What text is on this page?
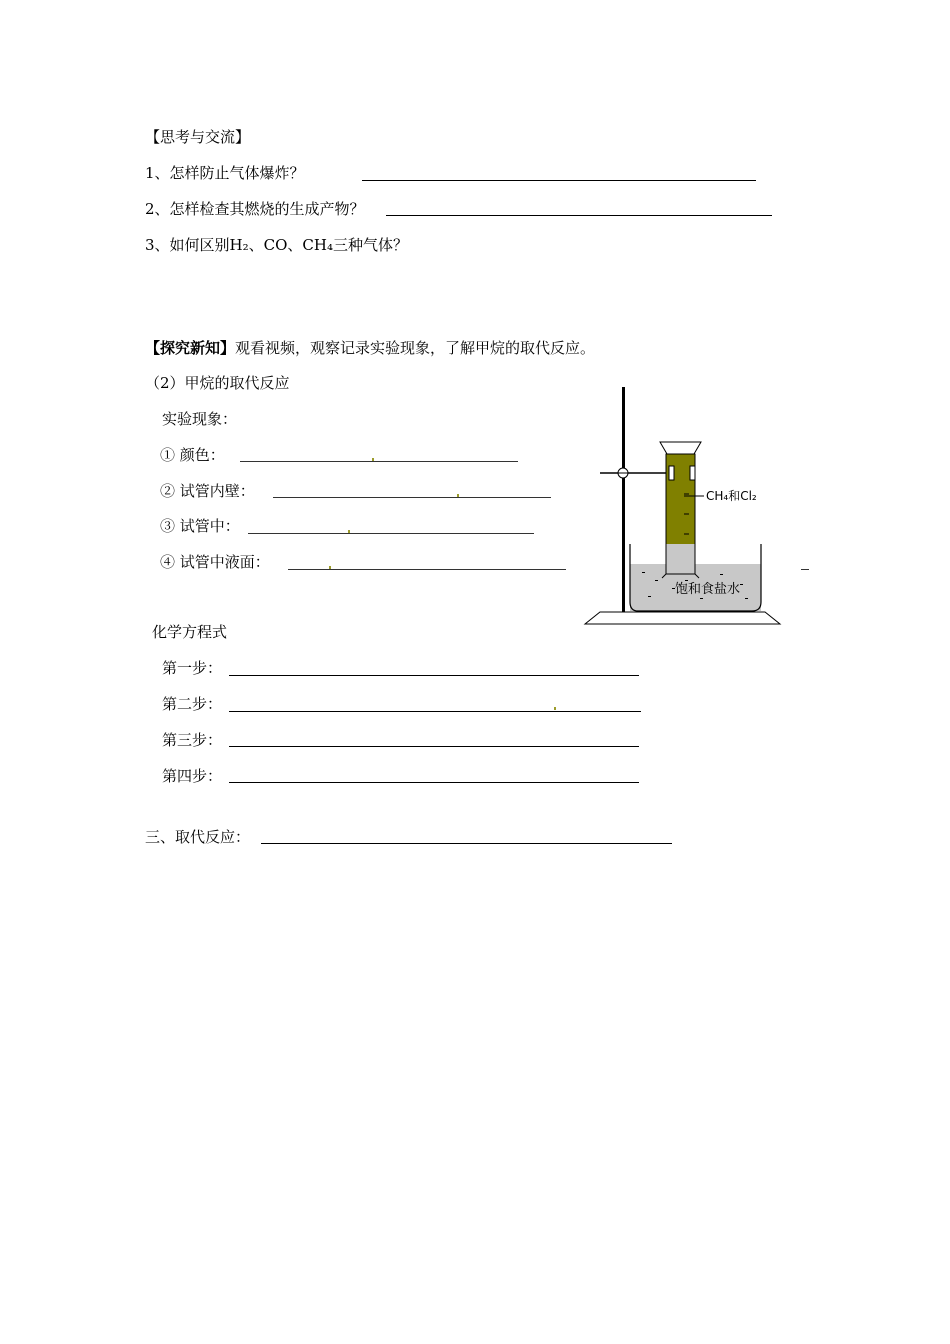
【思考与交流】
1、怎样防止气体爆炸？
2、怎样检查其燃烧的生成产物？
3、如何区别H₂、CO、CH₄三种气体？
【探究新知】观看视频，观察记录实验现象，了解甲烷的取代反应。
（2）甲烷的取代反应
实验现象：
① 颜色：
② 试管内壁：
③ 试管中：
④ 试管中液面：
CH₄和Cl₂
饱和食盐水
化学方程式
第一步：
第二步：
第三步：
第四步：
三、取代反应：
